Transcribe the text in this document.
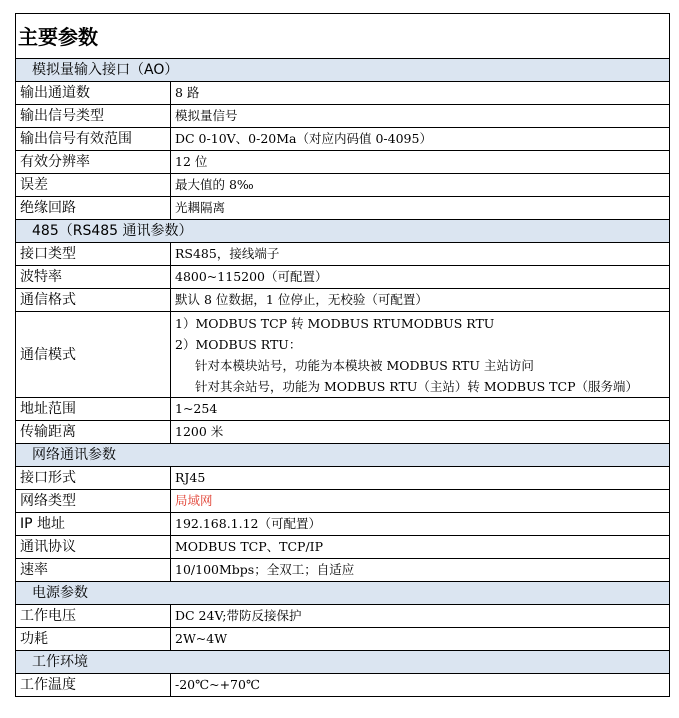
主要参数	
模拟量输入接口（AO）	
输出通道数	8 路
输出信号类型	模拟量信号
输出信号有效范围	DC 0-10V、0-20Ma（对应内码值 0-4095）
有效分辨率	12 位
误差	最大值的 8‰
绝缘回路	光耦隔离
485（RS485 通讯参数）	
接口类型	RS485，接线端子
波特率	4800~115200（可配置）
通信格式	默认 8 位数据，1 位停止，无校验（可配置）
通信模式	1）MODBUS TCP 转 MODBUS RTUMODBUS RTU
2）MODBUS RTU：
针对本模块站号，功能为本模块被 MODBUS RTU 主站访问
针对其余站号，功能为 MODBUS RTU（主站）转 MODBUS TCP（服务端）

地址范围	1~254
传输距离	1200 米
网络通讯参数	
接口形式	RJ45
网络类型	局域网
IP 地址	192.168.1.12（可配置）
通讯协议	MODBUS TCP、TCP/IP
速率	10/100Mbps；全双工；自适应
电源参数	
工作电压	DC 24V;带防反接保护
功耗	2W~4W
工作环境	
工作温度	-20℃~+70℃
